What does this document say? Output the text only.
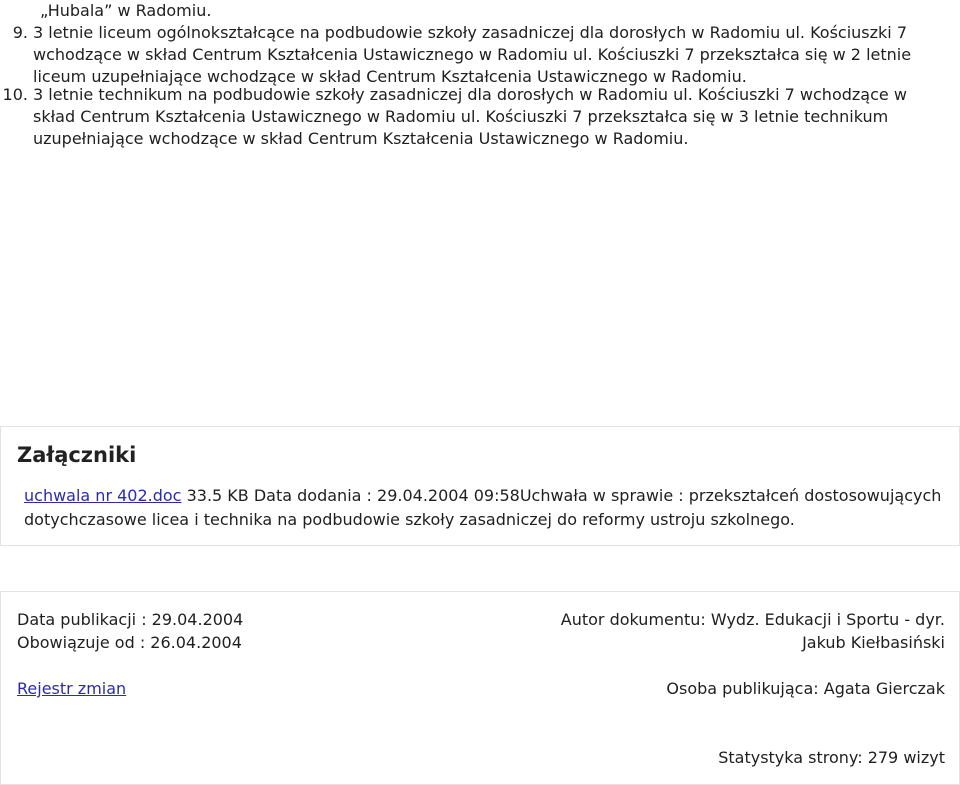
„Hubala” w Radomiu.
9. 3 letnie liceum ogólnokształcące na podbudowie szkoły zasadniczej dla dorosłych w Radomiu ul. Kościuszki 7 wchodzące w skład Centrum Kształcenia Ustawicznego w Radomiu ul. Kościuszki 7 przekształca się w 2 letnie liceum uzupełniające wchodzące w skład Centrum Kształcenia Ustawicznego w Radomiu.
10. 3 letnie technikum na podbudowie szkoły zasadniczej dla dorosłych w Radomiu ul. Kościuszki 7 wchodzące w skład Centrum Kształcenia Ustawicznego w Radomiu ul. Kościuszki 7 przekształca się w 3 letnie technikum uzupełniające wchodzące w skład Centrum Kształcenia Ustawicznego w Radomiu.
Załączniki
uchwala nr 402.doc 33.5 KB Data dodania : 29.04.2004 09:58Uchwała w sprawie : przekształceń dostosowujących dotychczasowe licea i technika na podbudowie szkoły zasadniczej do reformy ustroju szkolnego.
Data publikacji : 29.04.2004
Obowiązuje od : 26.04.2004
Rejestr zmian
Autor dokumentu: Wydz. Edukacji i Sportu - dyr. Jakub Kiełbasiński
Osoba publikująca: Agata Gierczak
Statystyka strony: 279 wizyt
